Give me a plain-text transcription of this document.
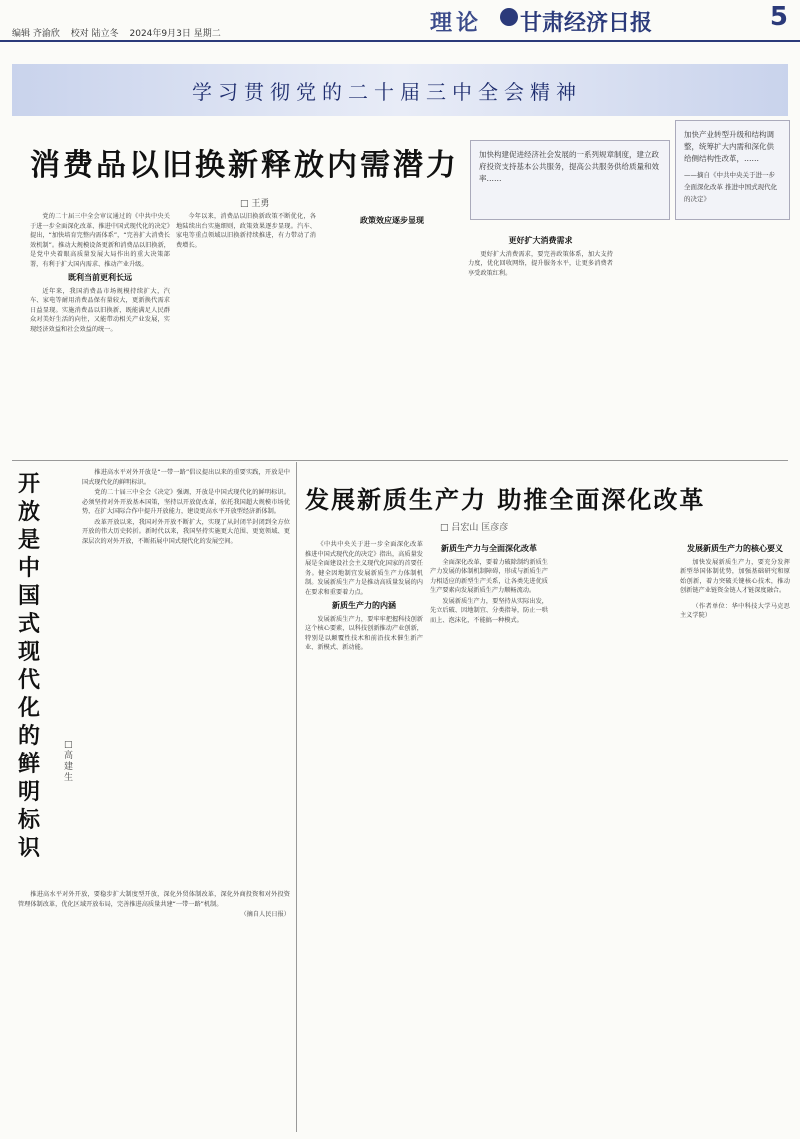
编辑 齐渝欣 校对 陆立冬 2024年9月3日 星期二	理论 甘肃经济日报	5
学习贯彻党的二十届三中全会精神
消费品以旧换新释放内需潜力
□ 王勇
加快构建促进经济社会发展的一系列规章制度，建立政府投资支持基本公共服务，提高公共服务供给质量和效率……
加快产业转型升级和结构调整，统筹扩大内需和深化供给侧结构性改革，……
——摘自《中共中央关于进一步全面深化改革 推进中国式现代化的决定》

党的二十届三中全会审议通过的《中共中央关于进一步全面深化改革、推进中国式现代化的决定》提出，“加快培育完整内需体系”，“完善扩大消费长效机制”。推动大规模设备更新和消费品以旧换新，是党中央着眼高质量发展大局作出的重大决策部署，有利于扩大国内需求、推动产业升级。

既利当前更利长远

近年来，我国消费品市场规模持续扩大，汽车、家电等耐用消费品保有量较大，更新换代需求日益显现。实施消费品以旧换新，既能满足人民群众对美好生活的向往，又能带动相关产业发展，实现经济效益和社会效益的统一。

今年以来，消费品以旧换新政策不断优化，各地陆续出台实施细则，政策效果逐步显现。汽车、家电等重点领域以旧换新持续推进，有力带动了消费增长。

政策效应逐步显现
更好扩大消费需求

更好扩大消费需求，要完善政策体系，加大支持力度，优化回收网络，提升服务水平，让更多消费者享受政策红利。

开放是中国式现代化的鲜明标识
□ 高建生

推进高水平对外开放是“一带一路”倡议提出以来的重要实践，开放是中国式现代化的鲜明标识。

党的二十届三中全会《决定》强调，开放是中国式现代化的鲜明标识。必须坚持对外开放基本国策，坚持以开放促改革，依托我国超大规模市场优势，在扩大国际合作中提升开放能力，建设更高水平开放型经济新体制。

改革开放以来，我国对外开放不断扩大，实现了从封闭半封闭到全方位开放的伟大历史转折。新时代以来，我国坚持实施更大范围、更宽领域、更深层次的对外开放，不断拓展中国式现代化的发展空间。

推进高水平对外开放，要稳步扩大制度型开放，深化外贸体制改革，深化外商投资和对外投资管理体制改革，优化区域开放布局，完善推进高质量共建“一带一路”机制。

（摘自人民日报）

发展新质生产力 助推全面深化改革
□ 吕宏山 匡彦彦

《中共中央关于进一步全面深化改革 推进中国式现代化的决定》指出，高质量发展是全面建设社会主义现代化国家的首要任务。健全因地制宜发展新质生产力体制机制。发展新质生产力是推动高质量发展的内在要求和重要着力点。

新质生产力的内涵

发展新质生产力，要牢牢把握科技创新这个核心要素，以科技创新推动产业创新，特别是以颠覆性技术和前沿技术催生新产业、新模式、新动能。

新质生产力与全面深化改革

全面深化改革，要着力破除制约新质生产力发展的体制机制障碍，形成与新质生产力相适应的新型生产关系，让各类先进优质生产要素向发展新质生产力顺畅流动。

发展新质生产力，要坚持从实际出发，先立后破、因地制宜、分类指导，防止一哄而上、泡沫化，不能搞一种模式。

发展新质生产力的核心要义

加快发展新质生产力，要充分发挥新型举国体制优势，加强基础研究和原始创新，着力突破关键核心技术，推动创新链产业链资金链人才链深度融合。

（作者单位：华中科技大学马克思主义学院）
